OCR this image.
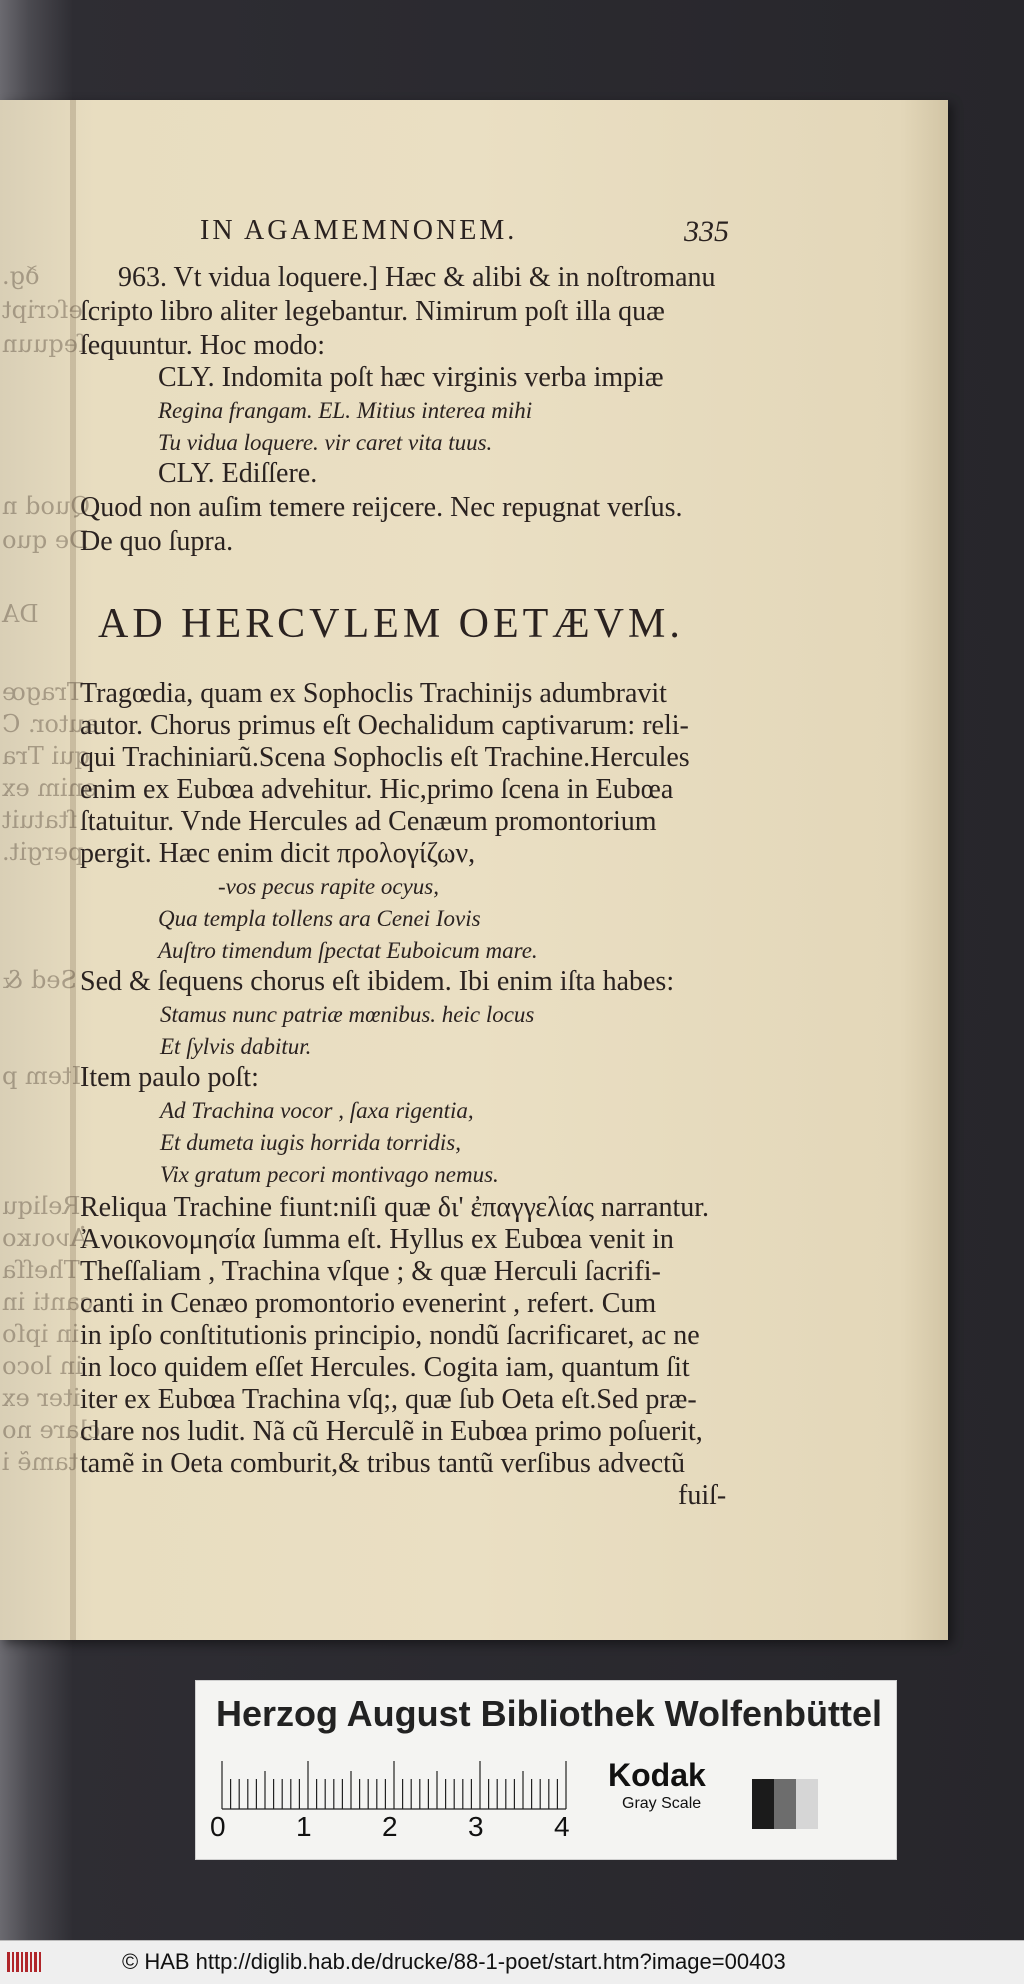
ðg.
eſcript
ſequun
Quod n
De quo
DA
Tragœ
autor. C
qui Tra
enim ex
ſtatuit
pergit.
Sed &
Item p
Reliqu
Ἀνοικο
Theſſa
canti in
in ipſo
in loco
iter ex
clare no
tamẽ i
IN AGAMEMNONEM.	335
963. Vt vidua loquere.] Hæc & alibi & in noſtromanu
ſcripto libro aliter legebantur. Nimirum poſt illa quæ
ſequuntur. Hoc modo:
CLY. Indomita poſt hæc virginis verba impiæ
Regina frangam. EL. Mitius interea mihi
Tu vidua loquere. vir caret vita tuus.
CLY. Ediſſere.
Quod non auſim temere reijcere. Nec repugnat verſus.
De quo ſupra.
AD HERCVLEM OETÆVM.
Tragœdia, quam ex Sophoclis Trachinijs adumbravit
autor. Chorus primus eſt Oechalidum captivarum: reli-
qui Trachiniarũ.Scena Sophoclis eſt Trachine.Hercules
enim ex Eubœa advehitur. Hic,primo ſcena in Eubœa
ſtatuitur. Vnde Hercules ad Cenæum promontorium
pergit. Hæc enim dicit προλογίζων,
-vos pecus rapite ocyus,
Qua templa tollens ara Cenei Iovis
Auſtro timendum ſpectat Euboicum mare.
Sed & ſequens chorus eſt ibidem. Ibi enim iſta habes:
Stamus nunc patriæ mœnibus. heic locus
Et ſylvis dabitur.
Item paulo poſt:
Ad Trachina vocor , ſaxa rigentia,
Et dumeta iugis horrida torridis,
Vix gratum pecori montivago nemus.
Reliqua Trachine fiunt:niſi quæ δι' ἐπαγγελίας narrantur.
Ἀνοικονομησία ſumma eſt. Hyllus ex Eubœa venit in
Theſſaliam , Trachina vſque ; & quæ Herculi ſacrifi-
canti in Cenæo promontorio evenerint , refert. Cum
in ipſo conſtitutionis principio, nondũ ſacrificaret, ac ne
in loco quidem eſſet Hercules. Cogita iam, quantum ſit
iter ex Eubœa Trachina vſq;, quæ ſub Oeta eſt.Sed præ-
clare nos ludit. Nã cũ Herculẽ in Eubœa primo poſuerit,
tamẽ in Oeta comburit,& tribus tantũ verſibus advectũ
fuiſ-
Herzog August Bibliothek Wolfenbüttel
0	1	2	3	4
Kodak
Gray Scale
© HAB http://diglib.hab.de/drucke/88-1-poet/start.htm?image=00403
